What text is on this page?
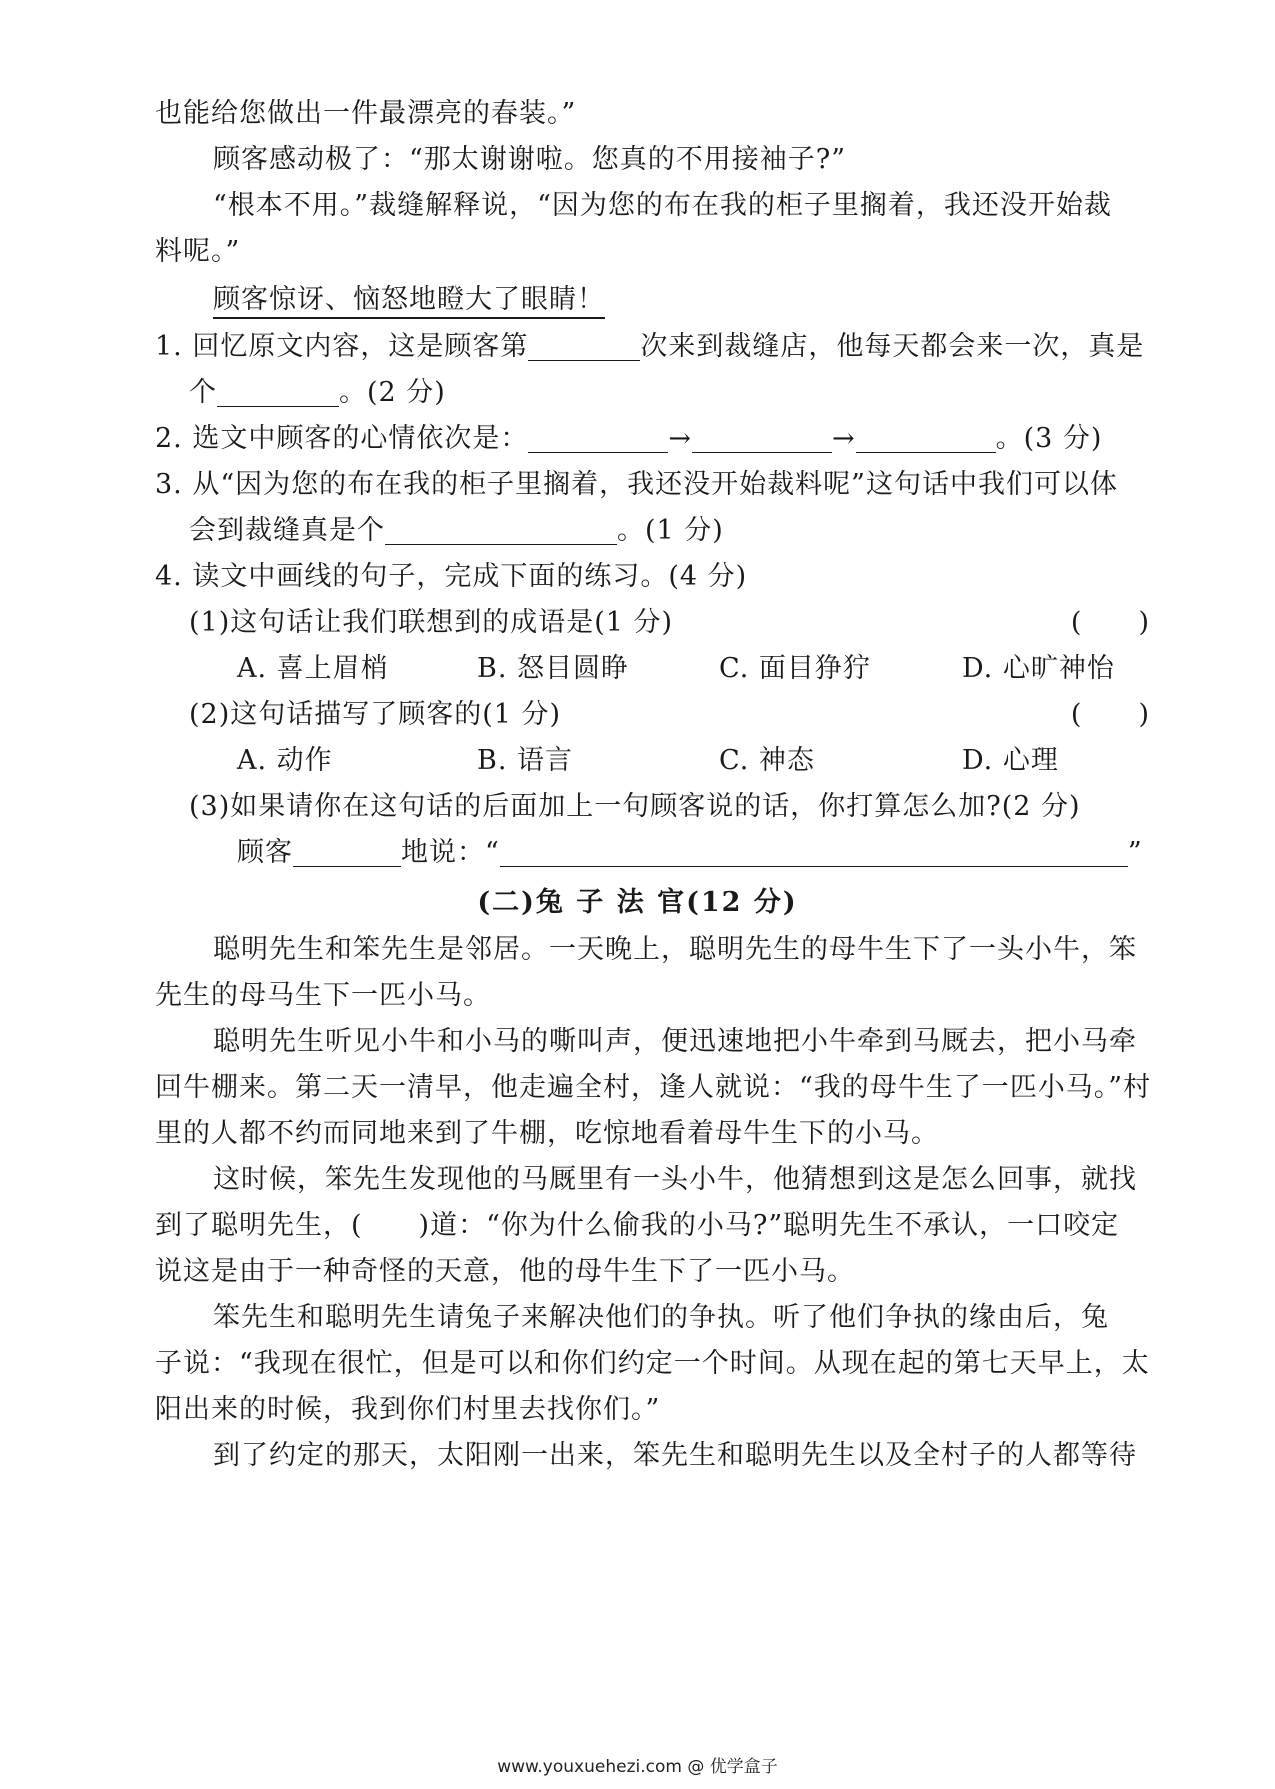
也能给您做出一件最漂亮的春装。”
顾客感动极了：“那太谢谢啦。您真的不用接袖子?”
“根本不用。”裁缝解释说，“因为您的布在我的柜子里搁着，我还没开始裁
料呢。”
顾客惊讶、恼怒地瞪大了眼睛！
1. 回忆原文内容，这是顾客第	次来到裁缝店，他每天都会来一次，真是
个	。(2 分)
2. 选文中顾客的心情依次是：	→	→	。(3 分)
3. 从“因为您的布在我的柜子里搁着，我还没开始裁料呢”这句话中我们可以体
会到裁缝真是个	。(1 分)
4. 读文中画线的句子，完成下面的练习。(4 分)
(1)这句话让我们联想到的成语是(1 分)	(　　)
A. 喜上眉梢	B. 怒目圆睁	C. 面目狰狞	D. 心旷神怡
(2)这句话描写了顾客的(1 分)	(　　)
A. 动作	B. 语言	C. 神态	D. 心理
(3)如果请你在这句话的后面加上一句顾客说的话，你打算怎么加?(2 分)
顾客	地说：“	”
(二)兔 子 法 官(12 分)
聪明先生和笨先生是邻居。一天晚上，聪明先生的母牛生下了一头小牛，笨
先生的母马生下一匹小马。
聪明先生听见小牛和小马的嘶叫声，便迅速地把小牛牵到马厩去，把小马牵
回牛棚来。第二天一清早，他走遍全村，逢人就说：“我的母牛生了一匹小马。”村
里的人都不约而同地来到了牛棚，吃惊地看着母牛生下的小马。
这时候，笨先生发现他的马厩里有一头小牛，他猜想到这是怎么回事，就找
到了聪明先生，(　　)道：“你为什么偷我的小马?”聪明先生不承认，一口咬定
说这是由于一种奇怪的天意，他的母牛生下了一匹小马。
笨先生和聪明先生请兔子来解决他们的争执。听了他们争执的缘由后，兔
子说：“我现在很忙，但是可以和你们约定一个时间。从现在起的第七天早上，太
阳出来的时候，我到你们村里去找你们。”
到了约定的那天，太阳刚一出来，笨先生和聪明先生以及全村子的人都等待
www.youxuehezi.com @ 优学盒子
